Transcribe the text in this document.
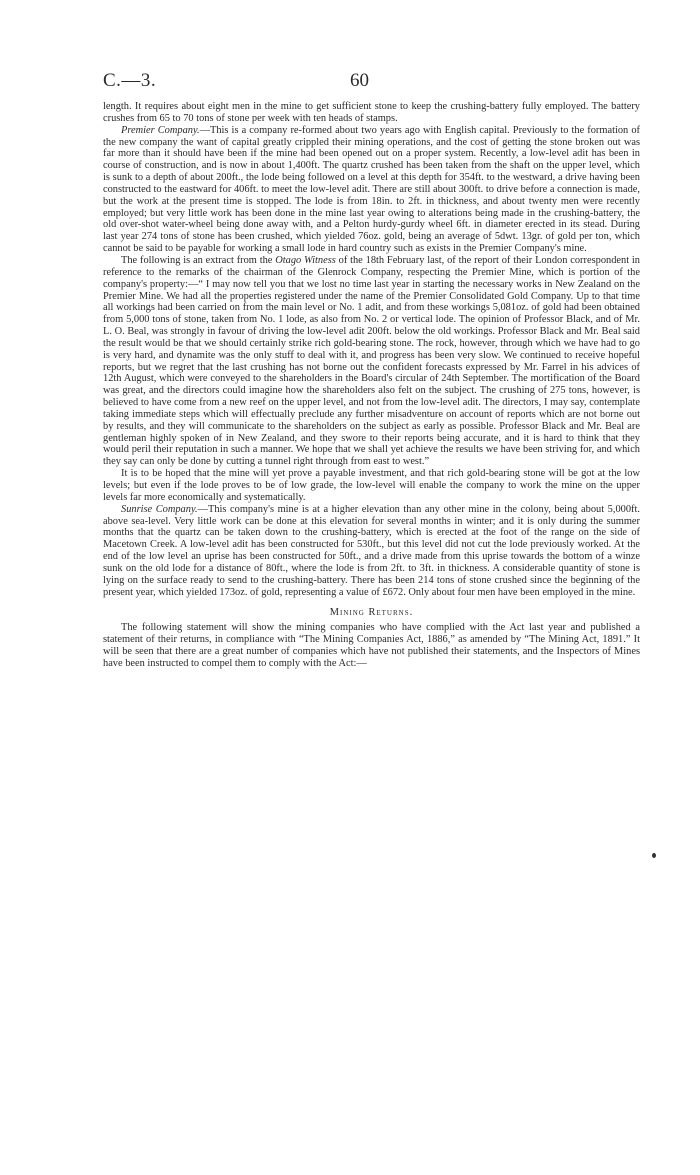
C.—3.	60

length. It requires about eight men in the mine to get sufficient stone to keep the crushing-battery fully employed. The battery crushes from 65 to 70 tons of stone per week with ten heads of stamps.

Premier Company.—This is a company re-formed about two years ago with English capital. Previously to the formation of the new company the want of capital greatly crippled their mining operations, and the cost of getting the stone broken out was far more than it should have been if the mine had been opened out on a proper system. Recently, a low-level adit has been in course of construction, and is now in about 1,400ft. The quartz crushed has been taken from the shaft on the upper level, which is sunk to a depth of about 200ft., the lode being followed on a level at this depth for 354ft. to the westward, a drive having been constructed to the eastward for 406ft. to meet the low-level adit. There are still about 300ft. to drive before a connection is made, but the work at the present time is stopped. The lode is from 18in. to 2ft. in thickness, and about twenty men were recently employed; but very little work has been done in the mine last year owing to alterations being made in the crushing-battery, the old over-shot water-wheel being done away with, and a Pelton hurdy-gurdy wheel 6ft. in diameter erected in its stead. During last year 274 tons of stone has been crushed, which yielded 76oz. gold, being an average of 5dwt. 13gr. of gold per ton, which cannot be said to be payable for working a small lode in hard country such as exists in the Premier Company's mine.

The following is an extract from the Otago Witness of the 18th February last, of the report of their London correspondent in reference to the remarks of the chairman of the Glenrock Company, respecting the Premier Mine, which is portion of the company's property:—“ I may now tell you that we lost no time last year in starting the necessary works in New Zealand on the Premier Mine. We had all the properties registered under the name of the Premier Consolidated Gold Company. Up to that time all workings had been carried on from the main level or No. 1 adit, and from these workings 5,081oz. of gold had been obtained from 5,000 tons of stone, taken from No. 1 lode, as also from No. 2 or vertical lode. The opinion of Professor Black, and of Mr. L. O. Beal, was strongly in favour of driving the low-level adit 200ft. below the old workings. Professor Black and Mr. Beal said the result would be that we should certainly strike rich gold-bearing stone. The rock, however, through which we have had to go is very hard, and dynamite was the only stuff to deal with it, and progress has been very slow. We continued to receive hopeful reports, but we regret that the last crushing has not borne out the confident forecasts expressed by Mr. Farrel in his advices of 12th August, which were conveyed to the shareholders in the Board's circular of 24th September. The mortification of the Board was great, and the directors could imagine how the shareholders also felt on the subject. The crushing of 275 tons, however, is believed to have come from a new reef on the upper level, and not from the low-level adit. The directors, I may say, contemplate taking immediate steps which will effectually preclude any further misadventure on account of reports which are not borne out by results, and they will communicate to the shareholders on the subject as early as possible. Professor Black and Mr. Beal are gentleman highly spoken of in New Zealand, and they swore to their reports being accurate, and it is hard to think that they would peril their reputation in such a manner. We hope that we shall yet achieve the results we have been striving for, and which they say can only be done by cutting a tunnel right through from east to west.”

It is to be hoped that the mine will yet prove a payable investment, and that rich gold-bearing stone will be got at the low levels; but even if the lode proves to be of low grade, the low-level will enable the company to work the mine on the upper levels far more economically and systematically.

Sunrise Company.—This company's mine is at a higher elevation than any other mine in the colony, being about 5,000ft. above sea-level. Very little work can be done at this elevation for several months in winter; and it is only during the summer months that the quartz can be taken down to the crushing-battery, which is erected at the foot of the range on the side of Macetown Creek. A low-level adit has been constructed for 530ft., but this level did not cut the lode previously worked. At the end of the low level an uprise has been constructed for 50ft., and a drive made from this uprise towards the bottom of a winze sunk on the old lode for a distance of 80ft., where the lode is from 2ft. to 3ft. in thickness. A considerable quantity of stone is lying on the surface ready to send to the crushing-battery. There has been 214 tons of stone crushed since the beginning of the present year, which yielded 173oz. of gold, representing a value of £672. Only about four men have been employed in the mine.

Mining Returns.

The following statement will show the mining companies who have complied with the Act last year and published a statement of their returns, in compliance with “The Mining Companies Act, 1886,” as amended by “The Mining Act, 1891.” It will be seen that there are a great number of companies which have not published their statements, and the Inspectors of Mines have been instructed to compel them to comply with the Act:—
